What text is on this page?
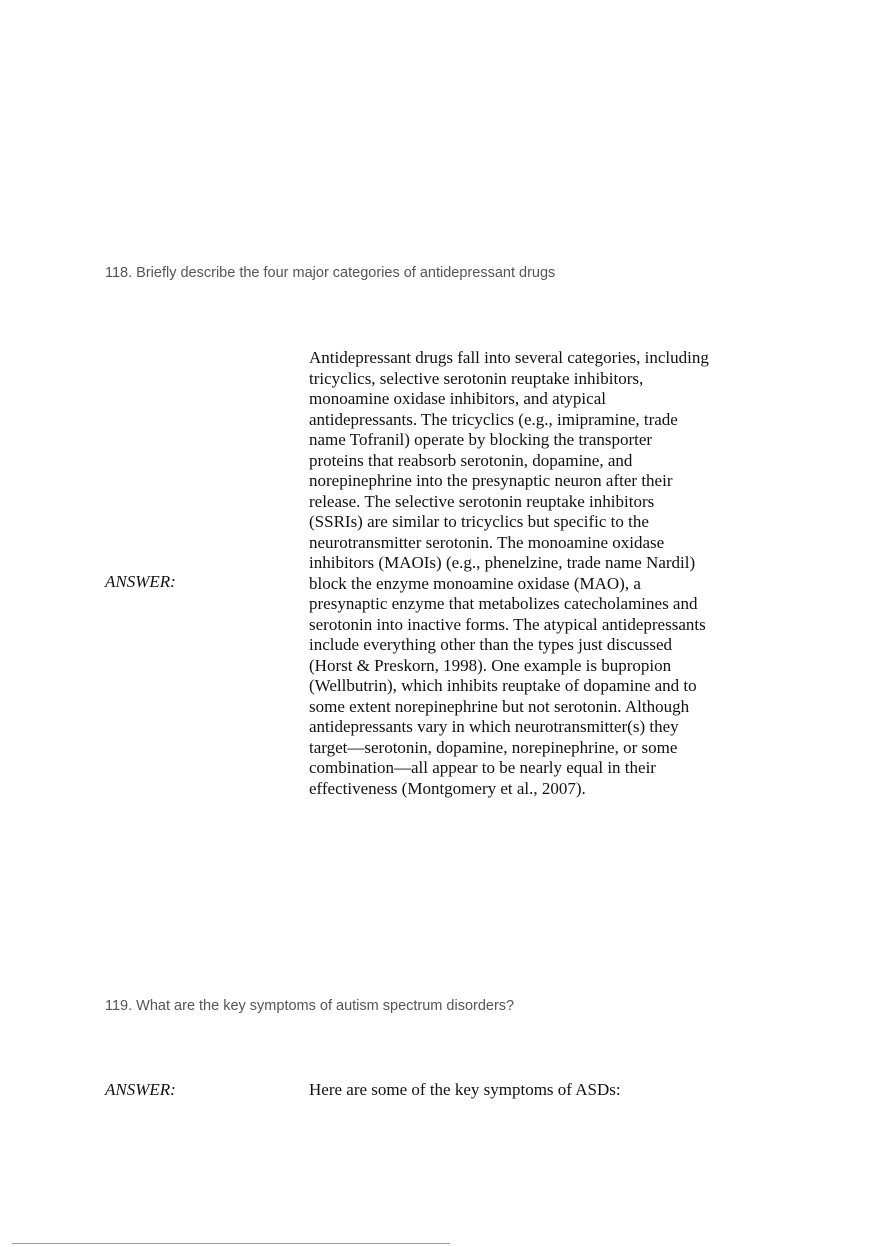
118. Briefly describe the four major categories of antidepressant drugs
ANSWER:
Antidepressant drugs fall into several categories, including tricyclics, selective serotonin reuptake inhibitors, monoamine oxidase inhibitors, and atypical antidepressants. The tricyclics (e.g., imipramine, trade name Tofranil) operate by blocking the transporter proteins that reabsorb serotonin, dopamine, and norepinephrine into the presynaptic neuron after their release. The selective serotonin reuptake inhibitors (SSRIs) are similar to tricyclics but specific to the neurotransmitter serotonin. The monoamine oxidase inhibitors (MAOIs) (e.g., phenelzine, trade name Nardil) block the enzyme monoamine oxidase (MAO), a presynaptic enzyme that metabolizes catecholamines and serotonin into inactive forms. The atypical antidepressants include everything other than the types just discussed (Horst & Preskorn, 1998). One example is bupropion (Wellbutrin), which inhibits reuptake of dopamine and to some extent norepinephrine but not serotonin. Although antidepressants vary in which neurotransmitter(s) they target—serotonin, dopamine, norepinephrine, or some combination—all appear to be nearly equal in their effectiveness (Montgomery et al., 2007).
119. What are the key symptoms of autism spectrum disorders?
ANSWER:	Here are some of the key symptoms of ASDs:
